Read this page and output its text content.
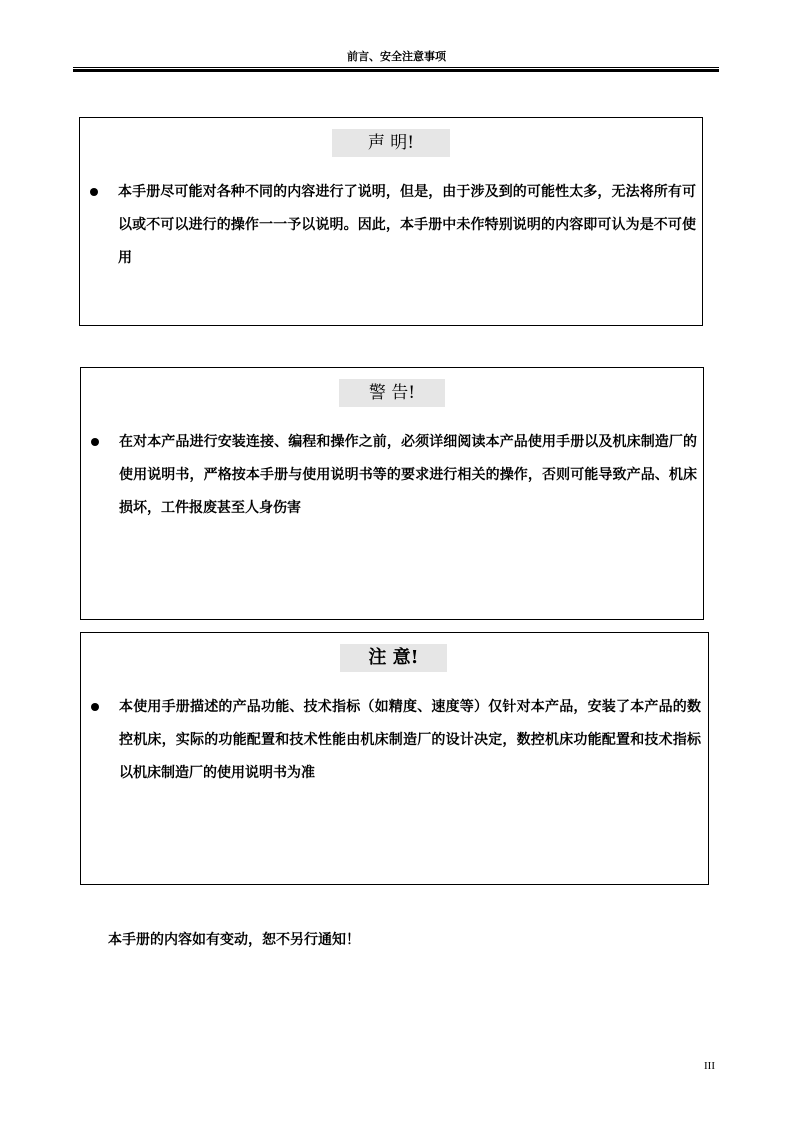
前言、安全注意事项
声 明!

本手册尽可能对各种不同的内容进行了说明，但是，由于涉及到的可能性太多，无法将所有可以或不可以进行的操作一一予以说明。因此，本手册中未作特别说明的内容即可认为是不可使用

警 告!

在对本产品进行安装连接、编程和操作之前，必须详细阅读本产品使用手册以及机床制造厂的使用说明书，严格按本手册与使用说明书等的要求进行相关的操作，否则可能导致产品、机床损坏，工件报废甚至人身伤害

注 意!

本使用手册描述的产品功能、技术指标（如精度、速度等）仅针对本产品，安装了本产品的数控机床，实际的功能配置和技术性能由机床制造厂的设计决定，数控机床功能配置和技术指标以机床制造厂的使用说明书为准

本手册的内容如有变动，恕不另行通知！
III
